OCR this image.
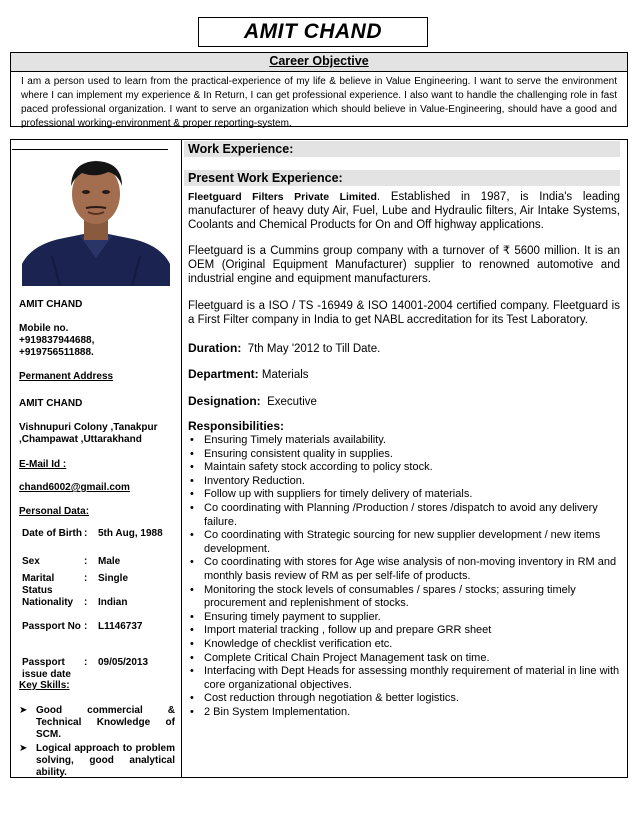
AMIT CHAND
Career Objective
I am a person used to learn from the practical-experience of my life & believe in Value Engineering. I want to serve the environment where I can implement my experience & In Return, I can get professional experience. I also want to handle the challenging role in fast paced professional organization. I want to serve an organization which should believe in Value-Engineering, should have a good and professional working-environment & proper reporting-system.
AMIT CHAND
Mobile no.
+919837944688,
+919756511888.
Permanent Address
AMIT CHAND
Vishnupuri Colony ,Tanakpur
,Champawat ,Uttarakhand
E-Mail Id :
chand6002@gmail.com
Personal Data:
Date of Birth	:	5th Aug, 1988
Sex	:	Male
Marital Status	:	Single
Nationality	:	Indian
Passport No	:	L1146737
Passport issue date	:	09/05/2013
Key Skills:
➤ Good commercial & Technical Knowledge of SCM.
➤ Logical approach to problem solving, good analytical ability.
Work Experience:
Present Work Experience:
Fleetguard Filters Private Limited. Established in 1987, is India's leading manufacturer of heavy duty Air, Fuel, Lube and Hydraulic filters, Air Intake Systems, Coolants and Chemical Products for On and Off highway applications.
Fleetguard is a Cummins group company with a turnover of ₹ 5600 million. It is an OEM (Original Equipment Manufacturer) supplier to renowned automotive and industrial engine and equipment manufacturers.
Fleetguard is a ISO / TS -16949 & ISO 14001-2004 certified company. Fleetguard is a First Filter company in India to get NABL accreditation for its Test Laboratory.
Duration: 7th May '2012 to Till Date.
Department: Materials
Designation: Executive
Responsibilities:
• Ensuring Timely materials availability.
• Ensuring consistent quality in supplies.
• Maintain safety stock according to policy stock.
• Inventory Reduction.
• Follow up with suppliers for timely delivery of materials.
• Co coordinating with Planning /Production / stores /dispatch to avoid any delivery failure.
• Co coordinating with Strategic sourcing for new supplier development / new items development.
• Co coordinating with stores for Age wise analysis of non-moving inventory in RM and monthly basis review of RM as per self-life of products.
• Monitoring the stock levels of consumables / spares / stocks; assuring timely procurement and replenishment of stocks.
• Ensuring timely payment to supplier.
• Import material tracking , follow up and prepare GRR sheet
• Knowledge of checklist verification etc.
• Complete Critical Chain Project Management task on time.
• Interfacing with Dept Heads for assessing monthly requirement of material in line with core organizational objectives.
• Cost reduction through negotiation & better logistics.
• 2 Bin System Implementation.
